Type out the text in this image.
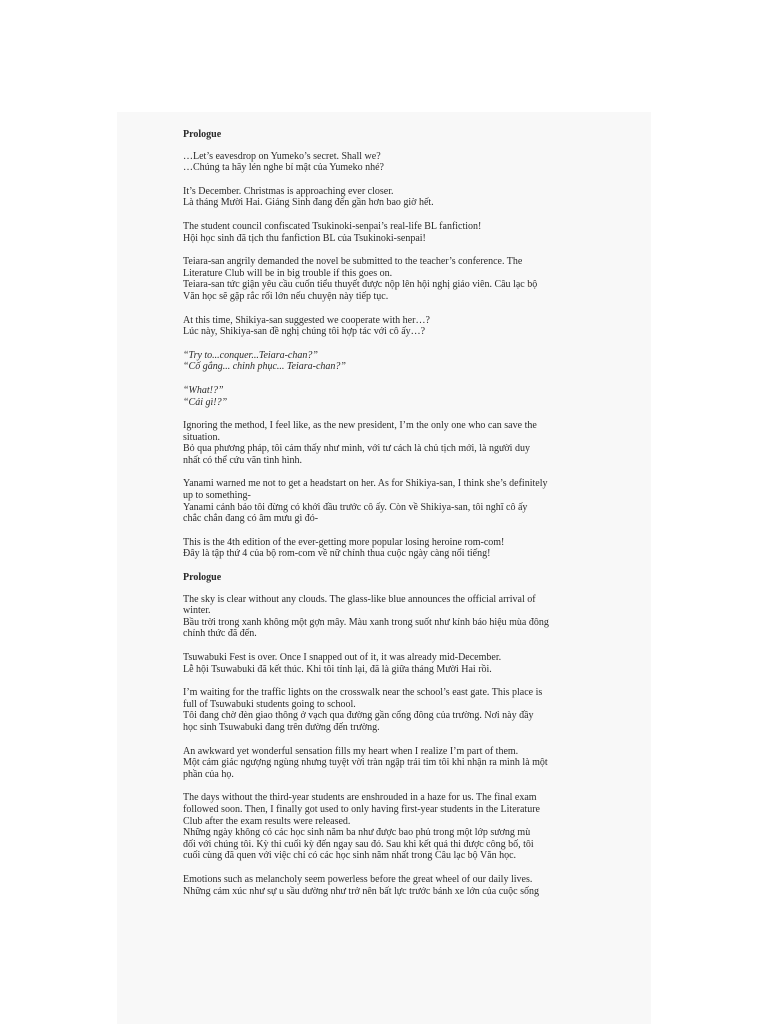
Prologue
…Let’s eavesdrop on Yumeko’s secret. Shall we?
…Chúng ta hãy lén nghe bí mật của Yumeko nhé?
It’s December. Christmas is approaching ever closer.
Là tháng Mười Hai. Giáng Sinh đang đến gần hơn bao giờ hết.
The student council confiscated Tsukinoki-senpai’s real-life BL fanfiction!
Hội học sinh đã tịch thu fanfiction BL của Tsukinoki-senpai!
Teiara-san angrily demanded the novel be submitted to the teacher’s conference. The
Literature Club will be in big trouble if this goes on.
Teiara-san tức giận yêu cầu cuốn tiểu thuyết được nộp lên hội nghị giáo viên. Câu lạc bộ
Văn học sẽ gặp rắc rối lớn nếu chuyện này tiếp tục.
At this time, Shikiya-san suggested we cooperate with her…?
Lúc này, Shikiya-san đề nghị chúng tôi hợp tác với cô ấy…?
“Try to...conquer...Teiara-chan?”
“Cố gắng... chinh phục... Teiara-chan?”
“What!?”
“Cái gì!?”
Ignoring the method, I feel like, as the new president, I’m the only one who can save the
situation.
Bỏ qua phương pháp, tôi cảm thấy như mình, với tư cách là chủ tịch mới, là người duy
nhất có thể cứu vãn tình hình.
Yanami warned me not to get a headstart on her. As for Shikiya-san, I think she’s definitely
up to something-
Yanami cảnh báo tôi đừng có khởi đầu trước cô ấy. Còn về Shikiya-san, tôi nghĩ cô ấy
chắc chắn đang có âm mưu gì đó-
This is the 4th edition of the ever-getting more popular losing heroine rom-com!
Đây là tập thứ 4 của bộ rom-com về nữ chính thua cuộc ngày càng nổi tiếng!
Prologue
The sky is clear without any clouds. The glass-like blue announces the official arrival of
winter.
Bầu trời trong xanh không một gợn mây. Màu xanh trong suốt như kính báo hiệu mùa đông
chính thức đã đến.
Tsuwabuki Fest is over. Once I snapped out of it, it was already mid-December.
Lễ hội Tsuwabuki đã kết thúc. Khi tôi tỉnh lại, đã là giữa tháng Mười Hai rồi.
I’m waiting for the traffic lights on the crosswalk near the school’s east gate. This place is
full of Tsuwabuki students going to school.
Tôi đang chờ đèn giao thông ở vạch qua đường gần cổng đông của trường. Nơi này đầy
học sinh Tsuwabuki đang trên đường đến trường.
An awkward yet wonderful sensation fills my heart when I realize I’m part of them.
Một cảm giác ngượng ngùng nhưng tuyệt vời tràn ngập trái tim tôi khi nhận ra mình là một
phần của họ.
The days without the third-year students are enshrouded in a haze for us. The final exam
followed soon. Then, I finally got used to only having first-year students in the Literature
Club after the exam results were released.
Những ngày không có các học sinh năm ba như được bao phủ trong một lớp sương mù
đối với chúng tôi. Kỳ thi cuối kỳ đến ngay sau đó. Sau khi kết quả thi được công bố, tôi
cuối cùng đã quen với việc chỉ có các học sinh năm nhất trong Câu lạc bộ Văn học.
Emotions such as melancholy seem powerless before the great wheel of our daily lives.
Những cảm xúc như sự u sầu dường như trở nên bất lực trước bánh xe lớn của cuộc sống
